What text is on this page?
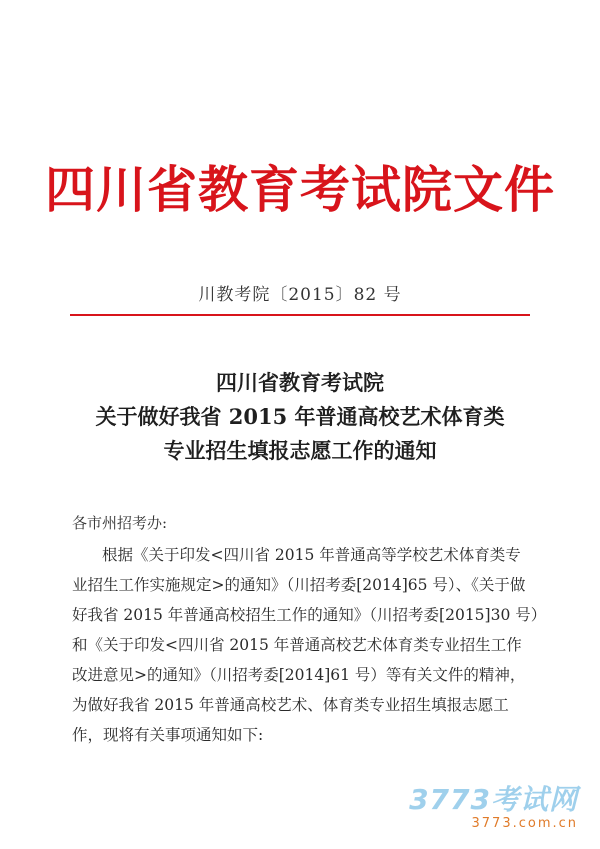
四川省教育考试院文件
川教考院〔2015〕82 号
四川省教育考试院
关于做好我省 2015 年普通高校艺术体育类
专业招生填报志愿工作的通知
各市州招考办:
根据《关于印发<四川省 2015 年普通高等学校艺术体育类专
业招生工作实施规定>的通知》（川招考委[2014]65 号）、《关于做
好我省 2015 年普通高校招生工作的通知》（川招考委[2015]30 号）
和《关于印发<四川省 2015 年普通高校艺术体育类专业招生工作
改进意见>的通知》（川招考委[2014]61 号）等有关文件的精神，
为做好我省 2015 年普通高校艺术、体育类专业招生填报志愿工
作，现将有关事项通知如下:
3773考试网
3773.com.cn
